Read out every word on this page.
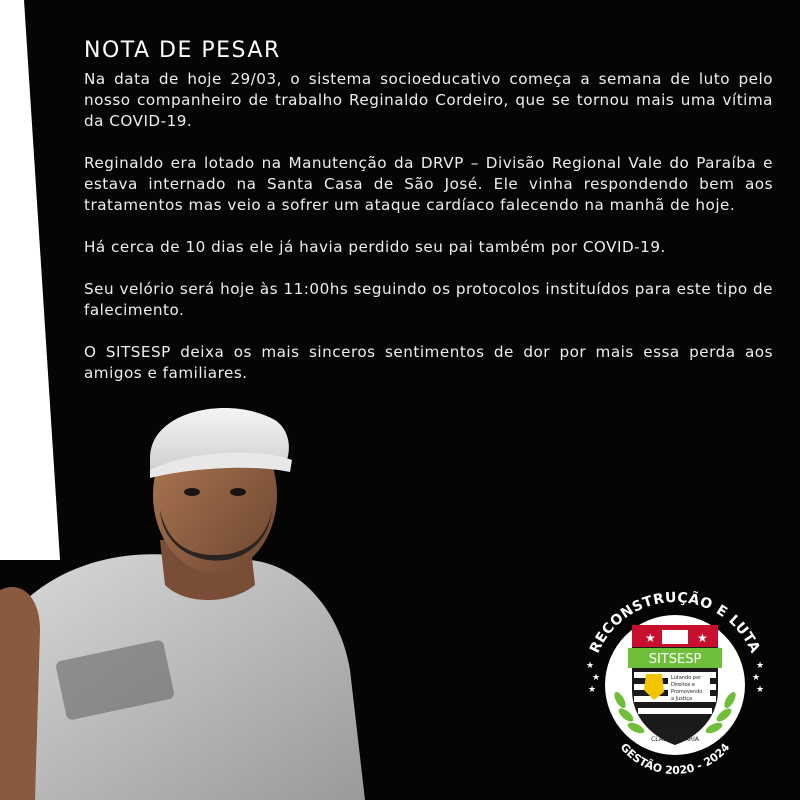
NOTA DE PESAR

Na data de hoje 29/03, o sistema socioeducativo começa a semana de luto pelo nosso companheiro de trabalho Reginaldo Cordeiro, que se tornou mais uma vítima da COVID-19.

Reginaldo era lotado na Manutenção da DRVP – Divisão Regional Vale do Paraíba e estava internado na Santa Casa de São José. Ele vinha respondendo bem aos tratamentos mas veio a sofrer um ataque cardíaco falecendo na manhã de hoje.

Há cerca de 10 dias ele já havia perdido seu pai também por COVID-19.

Seu velório será hoje às 11:00hs seguindo os protocolos instituídos para este tipo de falecimento.

O SITSESP deixa os mais sinceros sentimentos de dor por mais essa perda aos amigos e familiares.

RECONSTRUÇÃO E LUTA
GESTÃO 2020 - 2024
★
★
★
★
★
★
★	★
SITSESP
Lutando por
Direitos e
Promovendo
a Justiça
PRESIDENTE:
CLAUDIA MARIA
